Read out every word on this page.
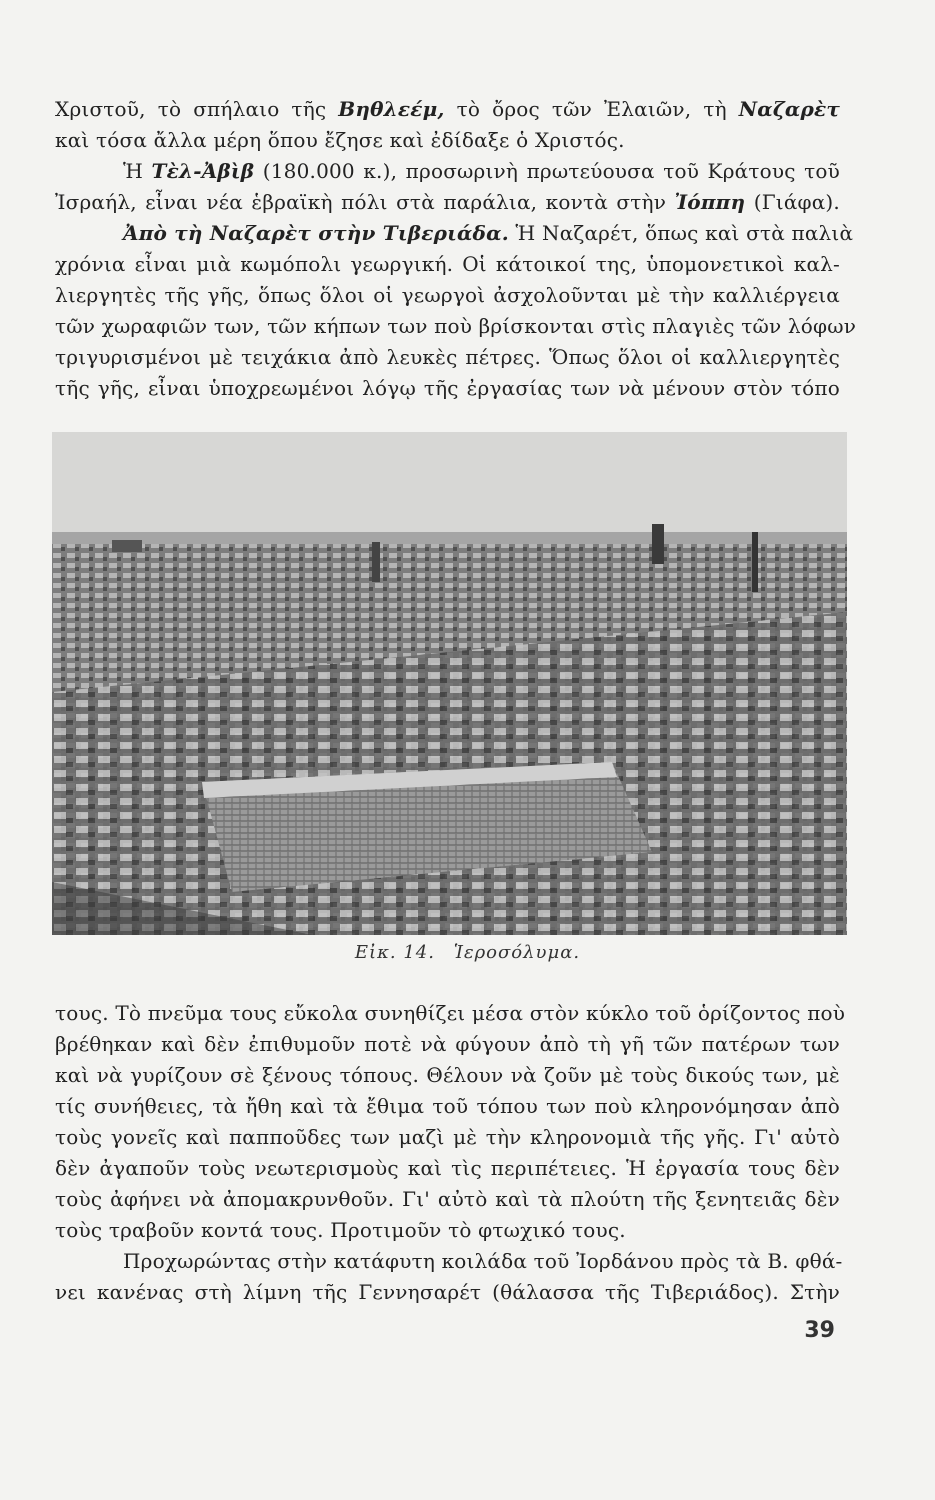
Χριστοῦ, τὸ σπήλαιο τῆς Βηθλεέμ, τὸ ὄρος τῶν Ἐλαιῶν, τὴ Ναζαρὲτ
καὶ τόσα ἄλλα μέρη ὅπου ἔζησε καὶ ἐδίδαξε ὁ Χριστός.
Ἡ Τὲλ-Ἀβὶβ (180.000 κ.), προσωρινὴ πρωτεύουσα τοῦ Κράτους τοῦ
Ἰσραήλ, εἶναι νέα ἑβραϊκὴ πόλι στὰ παράλια, κοντὰ στὴν Ἰόππη (Γιάφα).
Ἀπὸ τὴ Ναζαρὲτ στὴν Τιβεριάδα. Ἡ Ναζαρέτ, ὅπως καὶ στὰ παλιὰ
χρόνια εἶναι μιὰ κωμόπολι γεωργική. Οἱ κάτοικοί της, ὑπομονετικοὶ καλ-
λιεργητὲς τῆς γῆς, ὅπως ὅλοι οἱ γεωργοὶ ἀσχολοῦνται μὲ τὴν καλλιέργεια
τῶν χωραφιῶν των, τῶν κήπων των ποὺ βρίσκονται στὶς πλαγιὲς τῶν λόφων
τριγυρισμένοι μὲ τειχάκια ἀπὸ λευκὲς πέτρες. Ὅπως ὅλοι οἱ καλλιεργητὲς
τῆς γῆς, εἶναι ὑποχρεωμένοι λόγῳ τῆς ἐργασίας των νὰ μένουν στὸν τόπο
Εἰκ. 14. Ἱεροσόλυμα.
τους. Τὸ πνεῦμα τους εὔκολα συνηθίζει μέσα στὸν κύκλο τοῦ ὁρίζοντος ποὺ
βρέθηκαν καὶ δὲν ἐπιθυμοῦν ποτὲ νὰ φύγουν ἀπὸ τὴ γῆ τῶν πατέρων των
καὶ νὰ γυρίζουν σὲ ξένους τόπους. Θέλουν νὰ ζοῦν μὲ τοὺς δικούς των, μὲ
τίς συνήθειες, τὰ ἤθη καὶ τὰ ἔθιμα τοῦ τόπου των ποὺ κληρονόμησαν ἀπὸ
τοὺς γονεῖς καὶ παπποῦδες των μαζὶ μὲ τὴν κληρονομιὰ τῆς γῆς. Γι' αὐτὸ
δὲν ἀγαποῦν τοὺς νεωτερισμοὺς καὶ τὶς περιπέτειες. Ἡ ἐργασία τους δὲν
τοὺς ἀφήνει νὰ ἀπομακρυνθοῦν. Γι' αὐτὸ καὶ τὰ πλούτη τῆς ξενητειᾶς δὲν
τοὺς τραβοῦν κοντά τους. Προτιμοῦν τὸ φτωχικό τους.
Προχωρώντας στὴν κατάφυτη κοιλάδα τοῦ Ἰορδάνου πρὸς τὰ Β. φθά-
νει κανένας στὴ λίμνη τῆς Γεννησαρέτ (θάλασσα τῆς Τιβεριάδος). Στὴν
39
